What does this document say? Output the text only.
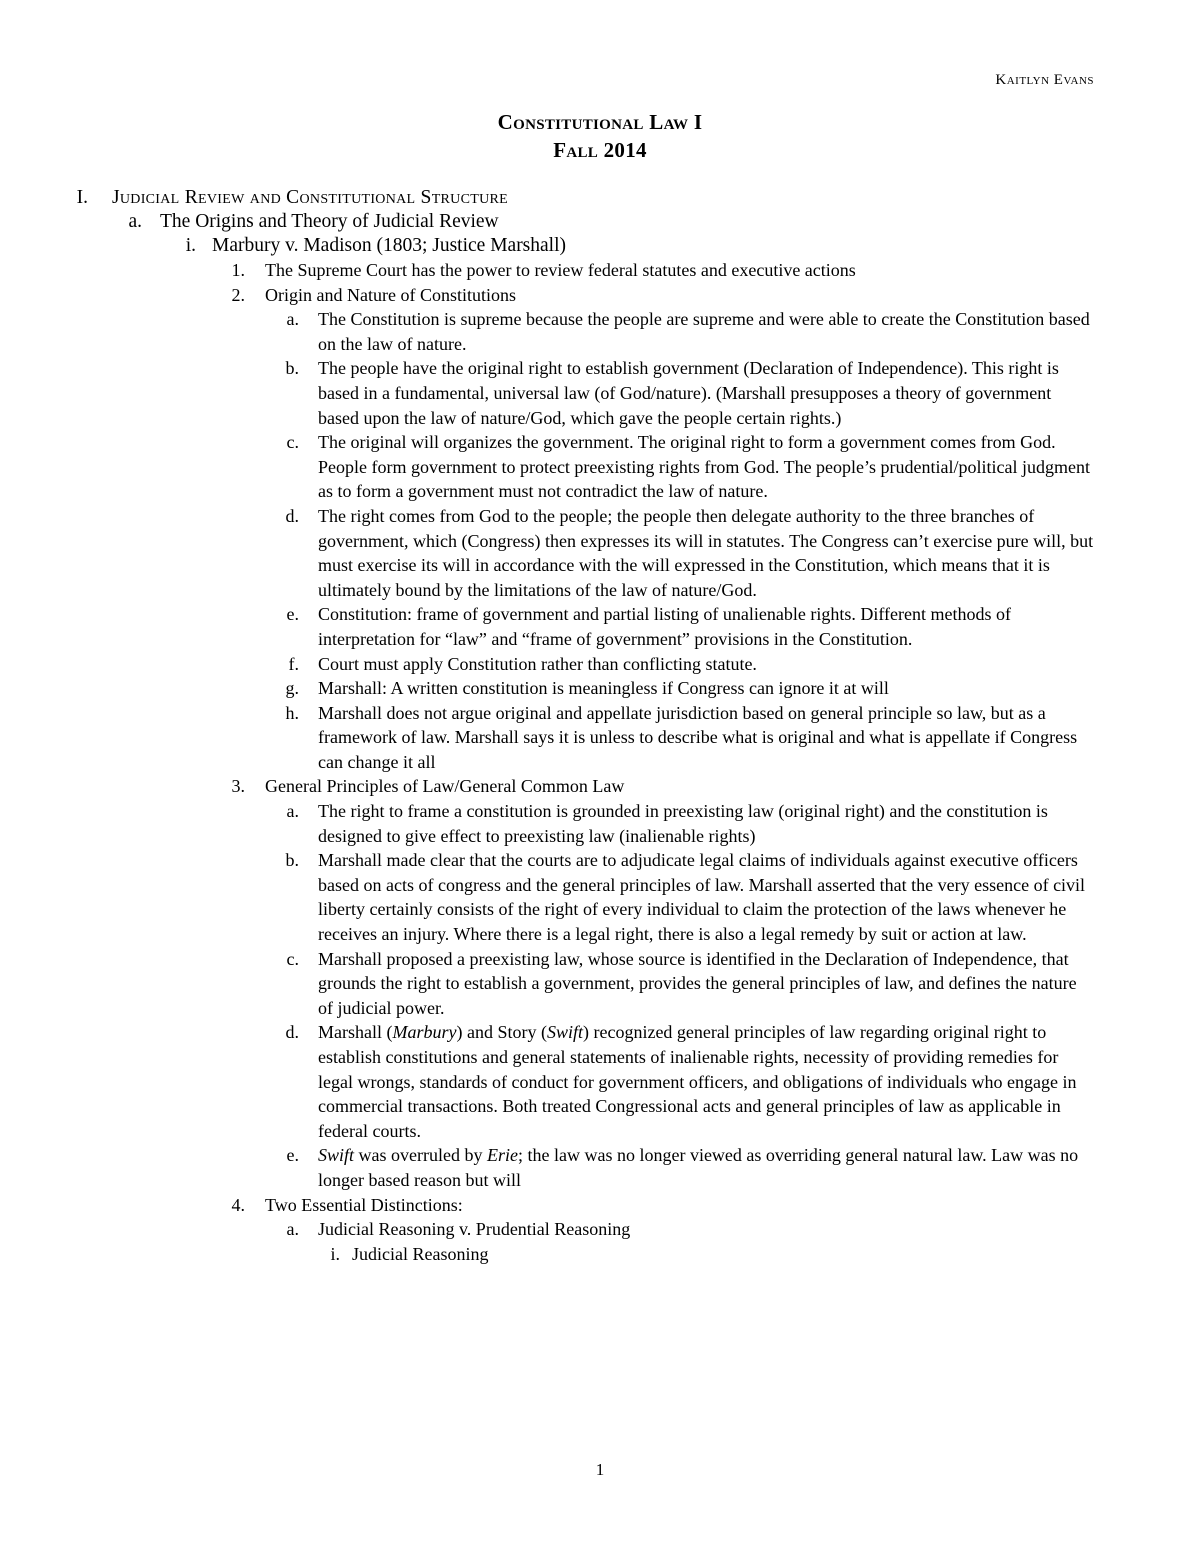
Kaitlyn Evans
Constitutional Law I
Fall 2014
I. Judicial Review and Constitutional Structure
a. The Origins and Theory of Judicial Review
i. Marbury v. Madison (1803; Justice Marshall)
1. The Supreme Court has the power to review federal statutes and executive actions
2. Origin and Nature of Constitutions
a. The Constitution is supreme because the people are supreme and were able to create the Constitution based on the law of nature.
b. The people have the original right to establish government (Declaration of Independence). This right is based in a fundamental, universal law (of God/nature). (Marshall presupposes a theory of government based upon the law of nature/God, which gave the people certain rights.)
c. The original will organizes the government. The original right to form a government comes from God. People form government to protect preexisting rights from God. The people’s prudential/political judgment as to form a government must not contradict the law of nature.
d. The right comes from God to the people; the people then delegate authority to the three branches of government, which (Congress) then expresses its will in statutes. The Congress can’t exercise pure will, but must exercise its will in accordance with the will expressed in the Constitution, which means that it is ultimately bound by the limitations of the law of nature/God.
e. Constitution: frame of government and partial listing of unalienable rights. Different methods of interpretation for “law” and “frame of government” provisions in the Constitution.
f. Court must apply Constitution rather than conflicting statute.
g. Marshall: A written constitution is meaningless if Congress can ignore it at will
h. Marshall does not argue original and appellate jurisdiction based on general principle so law, but as a framework of law. Marshall says it is unless to describe what is original and what is appellate if Congress can change it all
3. General Principles of Law/General Common Law
a. The right to frame a constitution is grounded in preexisting law (original right) and the constitution is designed to give effect to preexisting law (inalienable rights)
b. Marshall made clear that the courts are to adjudicate legal claims of individuals against executive officers based on acts of congress and the general principles of law. Marshall asserted that the very essence of civil liberty certainly consists of the right of every individual to claim the protection of the laws whenever he receives an injury. Where there is a legal right, there is also a legal remedy by suit or action at law.
c. Marshall proposed a preexisting law, whose source is identified in the Declaration of Independence, that grounds the right to establish a government, provides the general principles of law, and defines the nature of judicial power.
d. Marshall (Marbury) and Story (Swift) recognized general principles of law regarding original right to establish constitutions and general statements of inalienable rights, necessity of providing remedies for legal wrongs, standards of conduct for government officers, and obligations of individuals who engage in commercial transactions. Both treated Congressional acts and general principles of law as applicable in federal courts.
e. Swift was overruled by Erie; the law was no longer viewed as overriding general natural law. Law was no longer based reason but will
4. Two Essential Distinctions:
a. Judicial Reasoning v. Prudential Reasoning
i. Judicial Reasoning
1
